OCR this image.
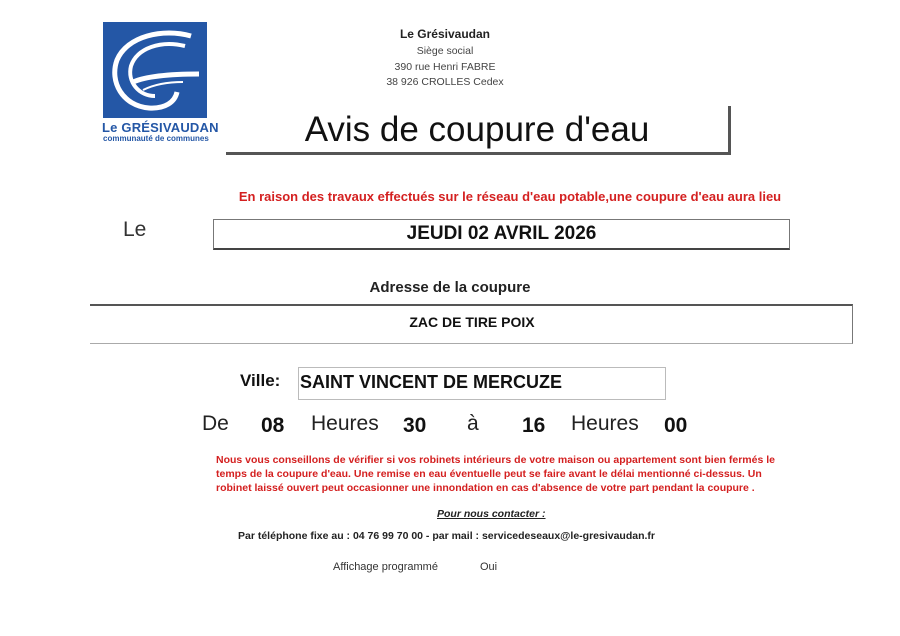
Le GRÉSIVAUDAN
communauté de communes
Le Grésivaudan
Siège social
390 rue Henri FABRE
38 926 CROLLES Cedex
Avis de coupure d'eau
En raison des travaux effectués sur le réseau d'eau potable,une coupure d'eau aura lieu
Le	JEUDI 02 AVRIL 2026
Adresse de la coupure
ZAC DE TIRE POIX
Ville: SAINT VINCENT DE MERCUZE
De 08 Heures 30 à 16 Heures 00
Nous vous conseillons de vérifier si vos robinets intérieurs de votre maison ou appartement sont bien fermés le temps de la coupure d'eau. Une remise en eau éventuelle peut se faire avant le délai mentionné ci-dessus. Un robinet laissé ouvert peut occasionner une innondation en cas d'absence de votre part pendant la coupure .
Pour nous contacter :
Par téléphone fixe au : 04 76 99 70 00 - par mail : servicedeseaux@le-gresivaudan.fr
Affichage programmé	Oui
